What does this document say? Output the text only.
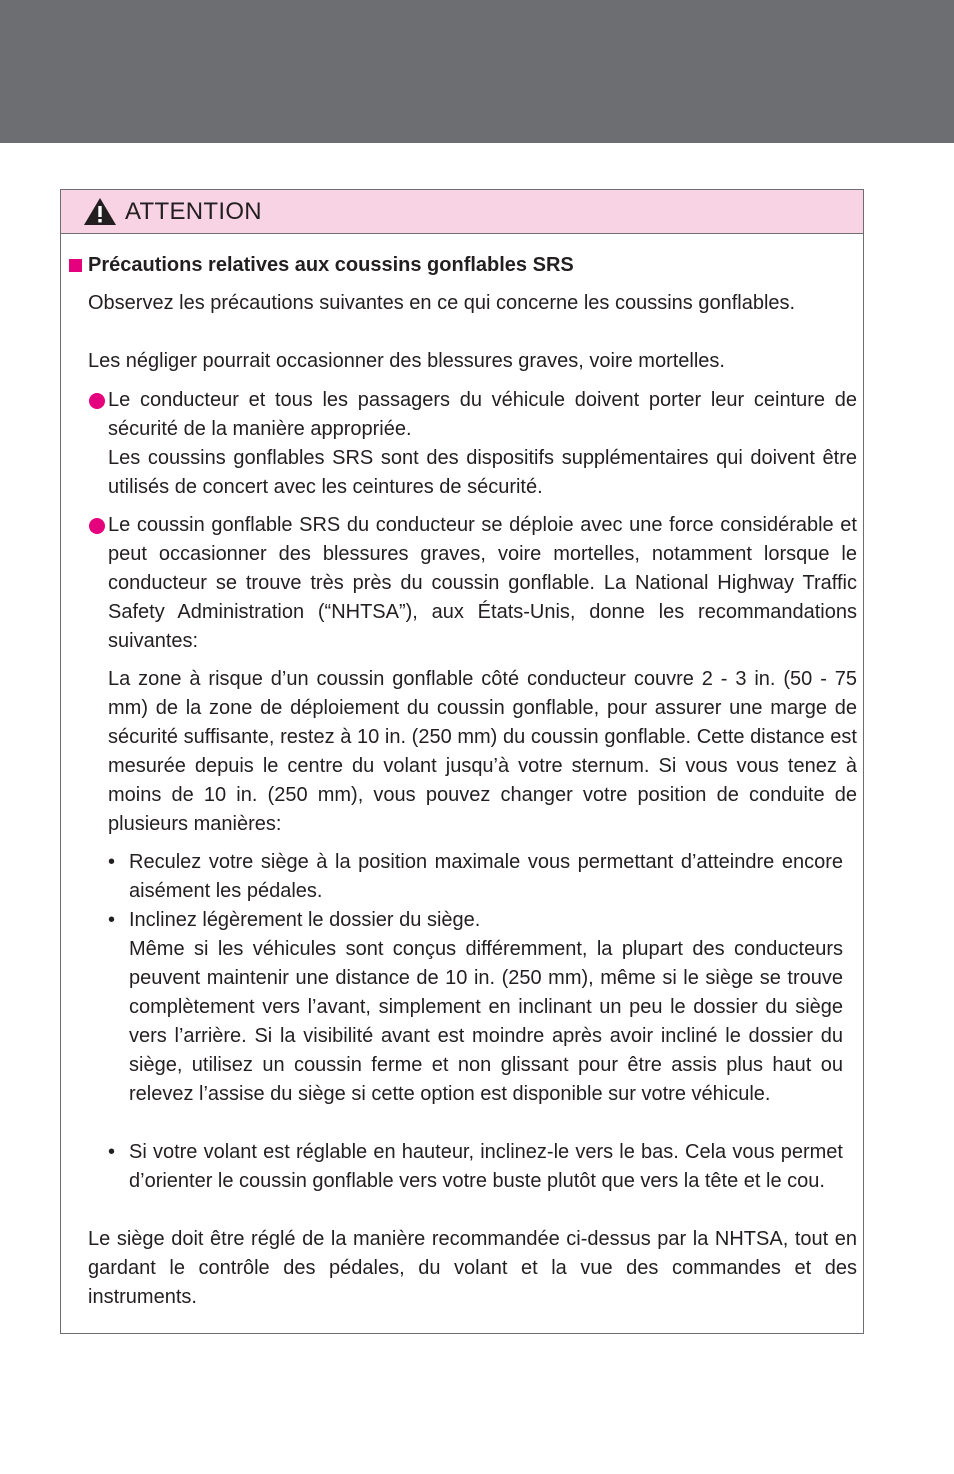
ATTENTION
Précautions relatives aux coussins gonflables SRS

Observez les précautions suivantes en ce qui concerne les coussins gonflables.

Les négliger pourrait occasionner des blessures graves, voire mortelles.

Le conducteur et tous les passagers du véhicule doivent porter leur ceinture de sécurité de la manière appropriée.

Les coussins gonflables SRS sont des dispositifs supplémentaires qui doivent être utilisés de concert avec les ceintures de sécurité.

Le coussin gonflable SRS du conducteur se déploie avec une force considérable et peut occasionner des blessures graves, voire mortelles, notamment lorsque le conducteur se trouve très près du coussin gonflable. La National Highway Traffic Safety Administration (“NHTSA”), aux États-Unis, donne les recommandations suivantes:

La zone à risque d’un coussin gonflable côté conducteur couvre 2 - 3 in. (50 - 75 mm) de la zone de déploiement du coussin gonflable, pour assurer une marge de sécurité suffisante, restez à 10 in. (250 mm) du coussin gonflable. Cette distance est mesurée depuis le centre du volant jusqu’à votre sternum. Si vous vous tenez à moins de 10 in. (250 mm), vous pouvez changer votre position de conduite de plusieurs manières:

• Reculez votre siège à la position maximale vous permettant d’atteindre encore aisément les pédales.

• Inclinez légèrement le dossier du siège.

Même si les véhicules sont conçus différemment, la plupart des conducteurs peuvent maintenir une distance de 10 in. (250 mm), même si le siège se trouve complètement vers l’avant, simplement en inclinant un peu le dossier du siège vers l’arrière. Si la visibilité avant est moindre après avoir incliné le dossier du siège, utilisez un coussin ferme et non glissant pour être assis plus haut ou relevez l’assise du siège si cette option est disponible sur votre véhicule.

• Si votre volant est réglable en hauteur, inclinez-le vers le bas. Cela vous permet d’orienter le coussin gonflable vers votre buste plutôt que vers la tête et le cou.

Le siège doit être réglé de la manière recommandée ci-dessus par la NHTSA, tout en gardant le contrôle des pédales, du volant et la vue des commandes et des instruments.
